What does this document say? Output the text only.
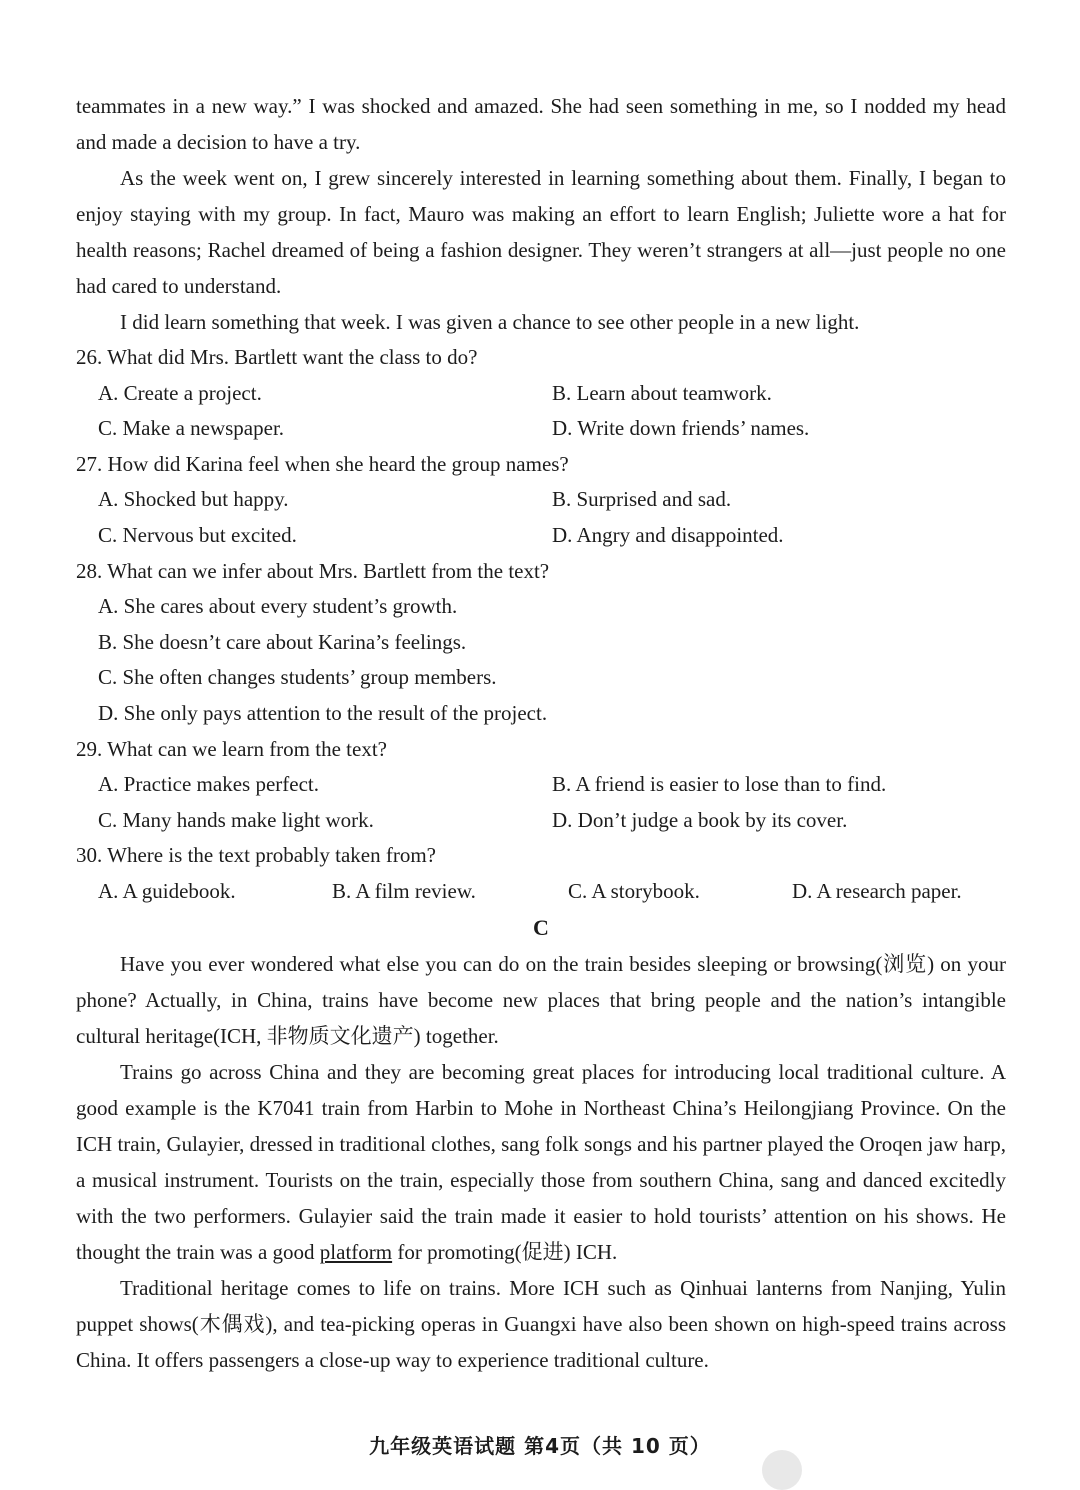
teammates in a new way.” I was shocked and amazed. She had seen something in me, so I nodded my head and made a decision to have a try.

As the week went on, I grew sincerely interested in learning something about them. Finally, I began to enjoy staying with my group. In fact, Mauro was making an effort to learn English; Juliette wore a hat for health reasons; Rachel dreamed of being a fashion designer. They weren’t strangers at all—just people no one had cared to understand.

I did learn something that week. I was given a chance to see other people in a new light.

26. What did Mrs. Bartlett want the class to do?
A. Create a project.	B. Learn about teamwork.
C. Make a newspaper.	D. Write down friends’ names.
27. How did Karina feel when she heard the group names?
A. Shocked but happy.	B. Surprised and sad.
C. Nervous but excited.	D. Angry and disappointed.
28. What can we infer about Mrs. Bartlett from the text?
A. She cares about every student’s growth.
B. She doesn’t care about Karina’s feelings.
C. She often changes students’ group members.
D. She only pays attention to the result of the project.
29. What can we learn from the text?
A. Practice makes perfect.	B. A friend is easier to lose than to find.
C. Many hands make light work.	D. Don’t judge a book by its cover.
30. Where is the text probably taken from?
A. A guidebook.	B. A film review.	C. A storybook.	D. A research paper.
C

Have you ever wondered what else you can do on the train besides sleeping or browsing(浏览) on your phone? Actually, in China, trains have become new places that bring people and the nation’s intangible cultural heritage(ICH, 非物质文化遗产) together.

Trains go across China and they are becoming great places for introducing local traditional culture. A good example is the K7041 train from Harbin to Mohe in Northeast China’s Heilongjiang Province. On the ICH train, Gulayier, dressed in traditional clothes, sang folk songs and his partner played the Oroqen jaw harp, a musical instrument. Tourists on the train, especially those from southern China, sang and danced excitedly with the two performers. Gulayier said the train made it easier to hold tourists’ attention on his shows. He thought the train was a good platform for promoting(促进) ICH.

Traditional heritage comes to life on trains. More ICH such as Qinhuai lanterns from Nanjing, Yulin puppet shows(木偶戏), and tea-picking operas in Guangxi have also been shown on high-speed trains across China. It offers passengers a close-up way to experience traditional culture.

九年级英语试题 第4页（共 10 页）
